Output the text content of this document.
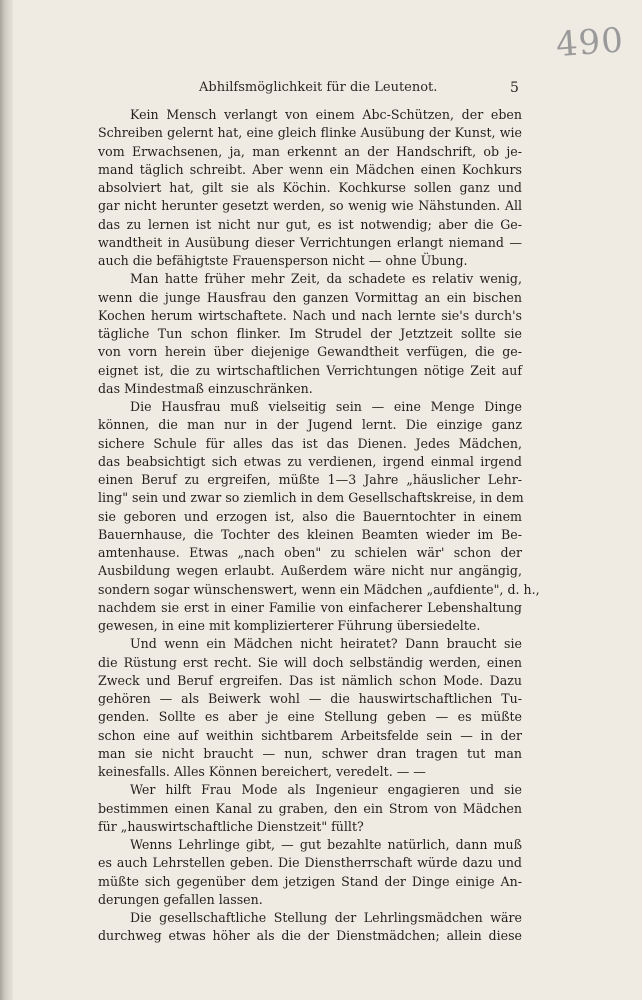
490
Abhilfsmöglichkeit für die Leutenot.	5
Kein Mensch verlangt von einem Abc-Schützen, der eben
Schreiben gelernt hat, eine gleich flinke Ausübung der Kunst, wie
vom Erwachsenen, ja, man erkennt an der Handschrift, ob je-
mand täglich schreibt. Aber wenn ein Mädchen einen Kochkurs
absolviert hat, gilt sie als Köchin. Kochkurse sollen ganz und
gar nicht herunter gesetzt werden, so wenig wie Nähstunden. All
das zu lernen ist nicht nur gut, es ist notwendig; aber die Ge-
wandtheit in Ausübung dieser Verrichtungen erlangt niemand —
auch die befähigtste Frauensperson nicht — ohne Übung.
Man hatte früher mehr Zeit, da schadete es relativ wenig,
wenn die junge Hausfrau den ganzen Vormittag an ein bischen
Kochen herum wirtschaftete. Nach und nach lernte sie's durch's
tägliche Tun schon flinker. Im Strudel der Jetztzeit sollte sie
von vorn herein über diejenige Gewandtheit verfügen, die ge-
eignet ist, die zu wirtschaftlichen Verrichtungen nötige Zeit auf
das Mindestmaß einzuschränken.
Die Hausfrau muß vielseitig sein — eine Menge Dinge
können, die man nur in der Jugend lernt. Die einzige ganz
sichere Schule für alles das ist das Dienen. Jedes Mädchen,
das beabsichtigt sich etwas zu verdienen, irgend einmal irgend
einen Beruf zu ergreifen, müßte 1—3 Jahre „häuslicher Lehr-
ling" sein und zwar so ziemlich in dem Gesellschaftskreise, in dem
sie geboren und erzogen ist, also die Bauerntochter in einem
Bauernhause, die Tochter des kleinen Beamten wieder im Be-
amtenhause. Etwas „nach oben" zu schielen wär' schon der
Ausbildung wegen erlaubt. Außerdem wäre nicht nur angängig,
sondern sogar wünschenswert, wenn ein Mädchen „aufdiente", d. h.,
nachdem sie erst in einer Familie von einfacherer Lebenshaltung
gewesen, in eine mit komplizierterer Führung übersiedelte.
Und wenn ein Mädchen nicht heiratet? Dann braucht sie
die Rüstung erst recht. Sie will doch selbständig werden, einen
Zweck und Beruf ergreifen. Das ist nämlich schon Mode. Dazu
gehören — als Beiwerk wohl — die hauswirtschaftlichen Tu-
genden. Sollte es aber je eine Stellung geben — es müßte
schon eine auf weithin sichtbarem Arbeitsfelde sein — in der
man sie nicht braucht — nun, schwer dran tragen tut man
keinesfalls. Alles Können bereichert, veredelt. — —
Wer hilft Frau Mode als Ingenieur engagieren und sie
bestimmen einen Kanal zu graben, den ein Strom von Mädchen
für „hauswirtschaftliche Dienstzeit" füllt?
Wenns Lehrlinge gibt, — gut bezahlte natürlich, dann muß
es auch Lehrstellen geben. Die Dienstherrschaft würde dazu und
müßte sich gegenüber dem jetzigen Stand der Dinge einige An-
derungen gefallen lassen.
Die gesellschaftliche Stellung der Lehrlingsmädchen wäre
durchweg etwas höher als die der Dienstmädchen; allein diese
